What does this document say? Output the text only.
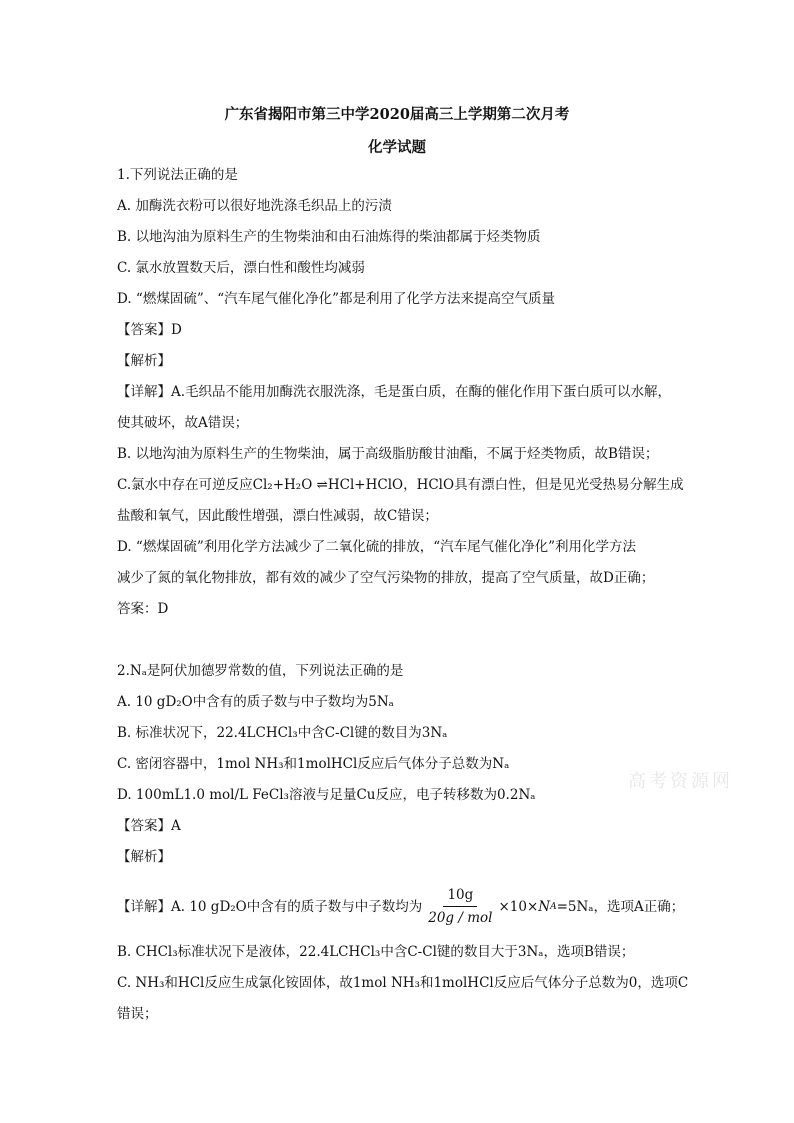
广东省揭阳市第三中学2020届高三上学期第二次月考
化学试题
1.下列说法正确的是
A. 加酶洗衣粉可以很好地洗涤毛织品上的污渍
B. 以地沟油为原料生产的生物柴油和由石油炼得的柴油都属于烃类物质
C. 氯水放置数天后，漂白性和酸性均减弱
D. “燃煤固硫”、“汽车尾气催化净化”都是利用了化学方法来提高空气质量
【答案】D
【解析】
【详解】A.毛织品不能用加酶洗衣服洗涤，毛是蛋白质，在酶的催化作用下蛋白质可以水解，
使其破坏，故A错误；
B. 以地沟油为原料生产的生物柴油，属于高级脂肪酸甘油酯，不属于烃类物质，故B错误；
C.氯水中存在可逆反应Cl₂+H₂O ⇌HCl+HClO，HClO具有漂白性，但是见光受热易分解生成
盐酸和氧气，因此酸性增强，漂白性减弱，故C错误；
D. “燃煤固硫”利用化学方法减少了二氧化硫的排放，“汽车尾气催化净化”利用化学方法
减少了氮的氧化物排放，都有效的减少了空气污染物的排放，提高了空气质量，故D正确；
答案：D
2.Nₐ是阿伏加德罗常数的值，下列说法正确的是
A. 10 gD₂O中含有的质子数与中子数均为5Nₐ
B. 标准状况下，22.4LCHCl₃中含C-Cl键的数目为3Nₐ
C. 密闭容器中，1mol NH₃和1molHCl反应后气体分子总数为Nₐ
D. 100mL1.0 mol/L FeCl₃溶液与足量Cu反应，电子转移数为0.2Nₐ
【答案】A
【解析】
【详解】A. 10 gD₂O中含有的质子数与中子数均为 $\frac{10g}{\text{20g / mol}} \times 10\times N$ A =5Nₐ，选项A正确；
B. CHCl₃标准状况下是液体，22.4LCHCl₃中含C-Cl键的数目大于3Nₐ，选项B错误；
C. NH₃和HCl反应生成氯化铵固体，故1mol NH₃和1molHCl反应后气体分子总数为0，选项C
错误；
高考资源网
